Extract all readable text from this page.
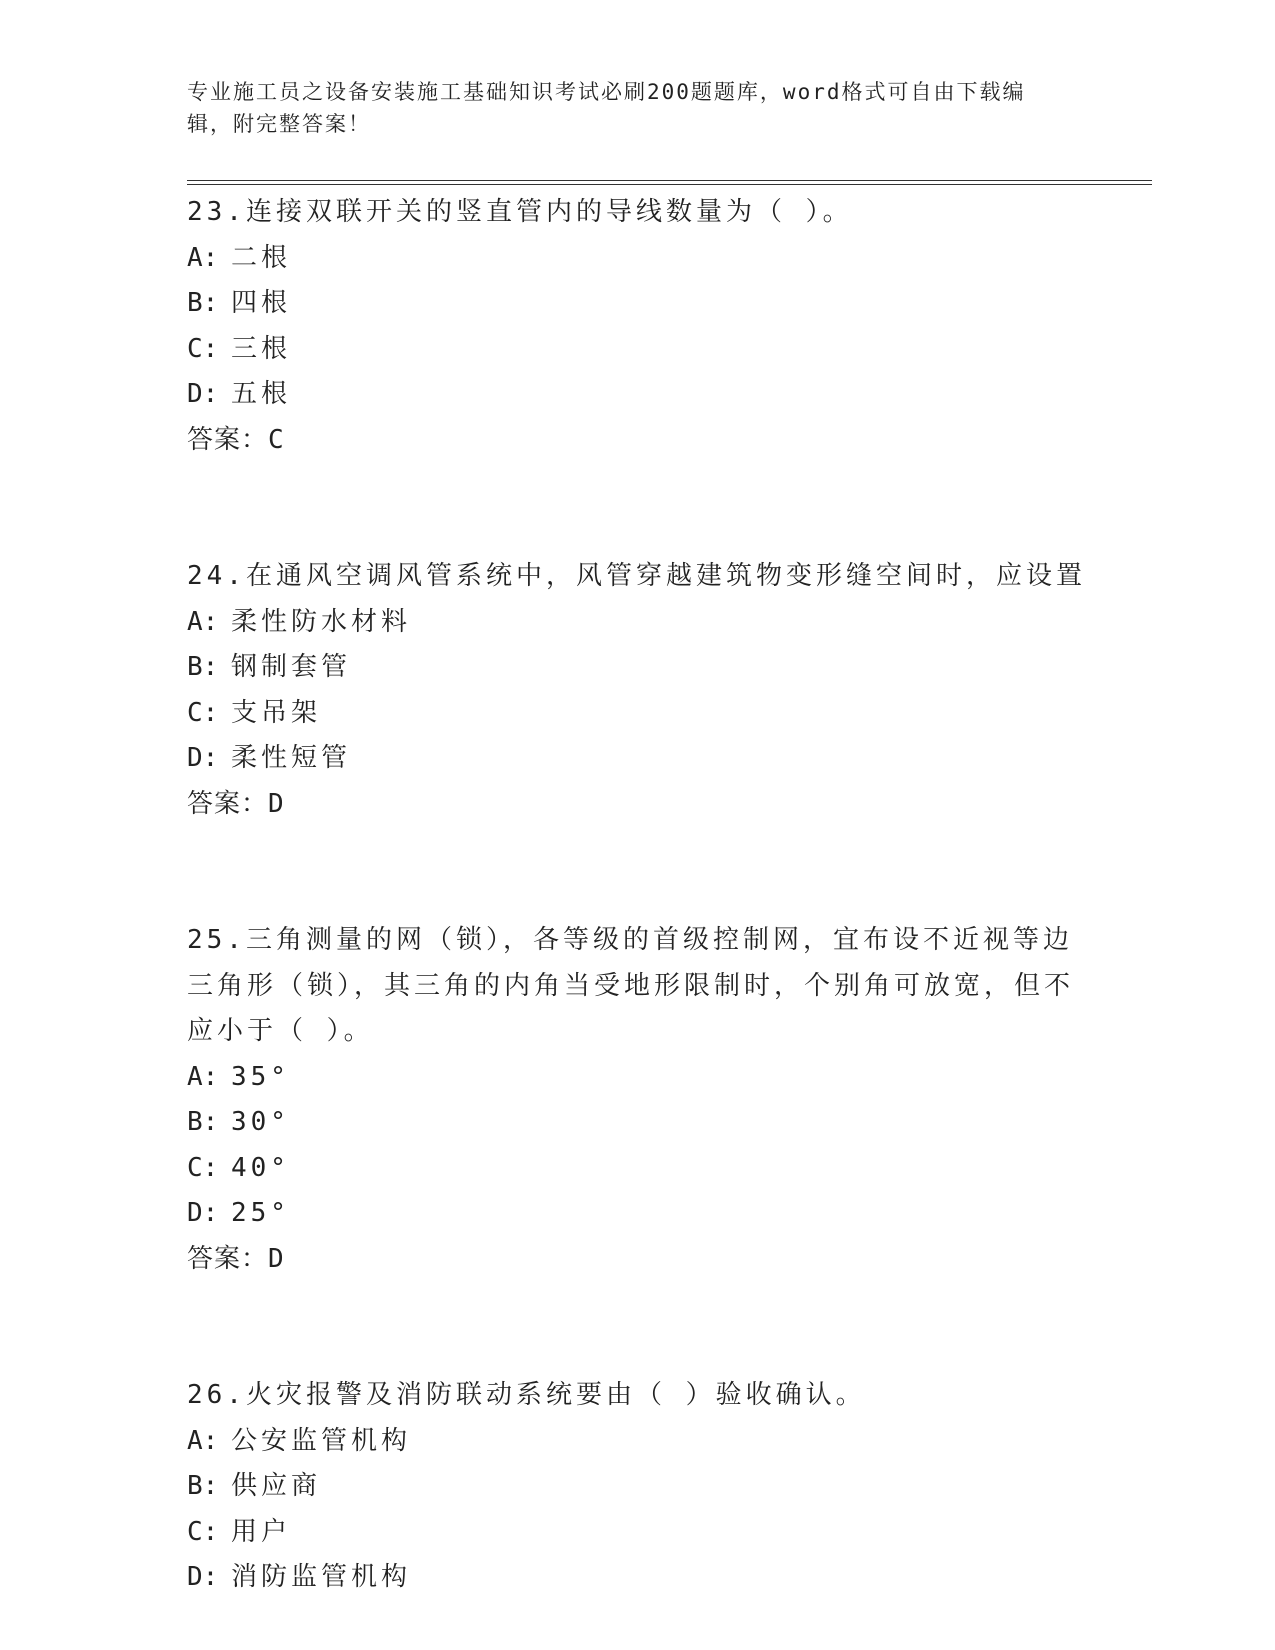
专业施工员之设备安装施工基础知识考试必刷200题题库，word格式可自由下载编辑，附完整答案！

23.连接双联开关的竖直管内的导线数量为（ ）。

A: 二根

B: 四根

C: 三根

D: 五根

答案：C

24.在通风空调风管系统中，风管穿越建筑物变形缝空间时，应设置

A: 柔性防水材料

B: 钢制套管

C: 支吊架

D: 柔性短管

答案：D

25.三角测量的网（锁），各等级的首级控制网，宜布设不近视等边三角形（锁），其三角的内角当受地形限制时，个别角可放宽，但不应小于（ ）。

A: 35°

B: 30°

C: 40°

D: 25°

答案：D

26.火灾报警及消防联动系统要由（ ）验收确认。

A: 公安监管机构

B: 供应商

C: 用户

D: 消防监管机构
